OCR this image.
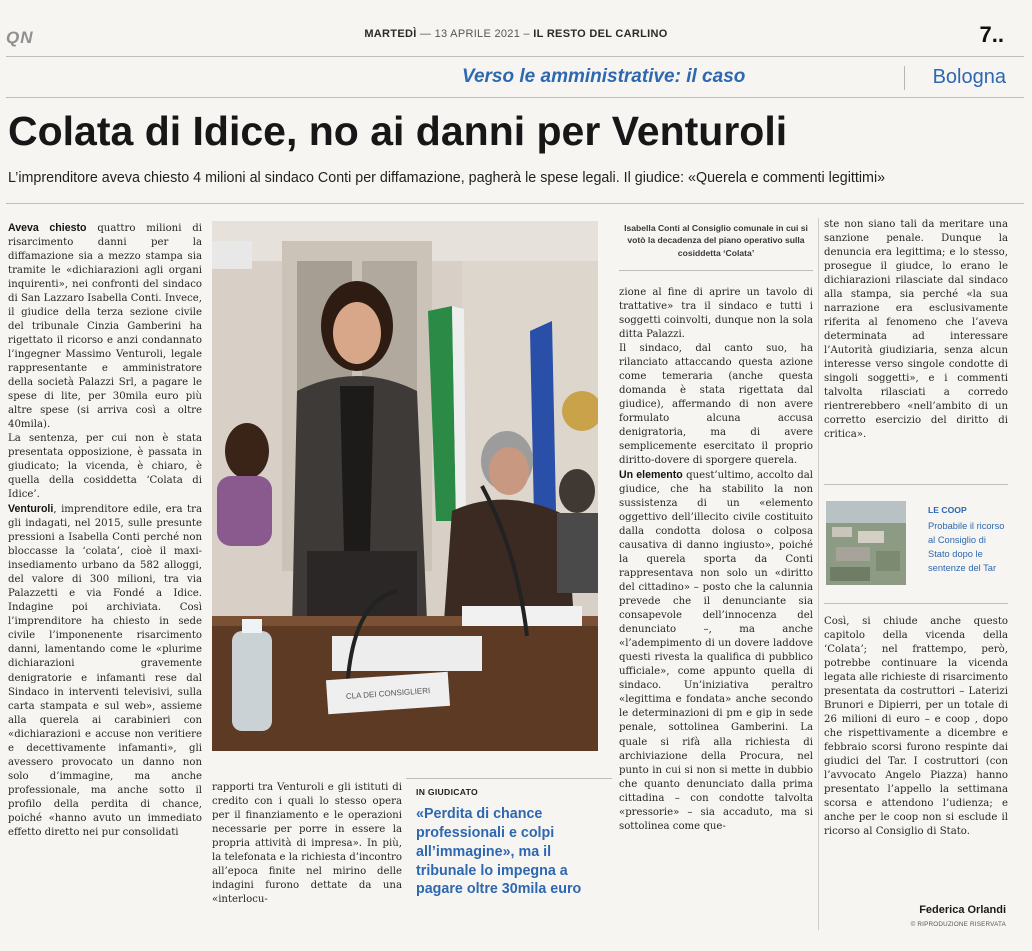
QN	MARTEDÌ — 13 APRILE 2021 – IL RESTO DEL CARLINO	7..
Verso le amministrative: il caso	Bologna
Colata di Idice, no ai danni per Venturoli
L’imprenditore aveva chiesto 4 milioni al sindaco Conti per diffamazione, pagherà le spese legali. Il giudice: «Querela e commenti legittimi»

Aveva chiesto quattro milioni di risarcimento danni per la diffamazione sia a mezzo stampa sia tramite le «dichiarazioni agli organi inquirenti», nei confronti del sindaco di San Lazzaro Isabella Conti. Invece, il giudice della terza sezione civile del tribunale Cinzia Gamberini ha rigettato il ricorso e anzi condannato l’ingegner Massimo Venturoli, legale rappresentante e amministratore della società Palazzi Srl, a pagare le spese di lite, per 30mila euro più altre spese (si arriva così a oltre 40mila).

La sentenza, per cui non è stata presentata opposizione, è passata in giudicato; la vicenda, è chiaro, è quella della cosiddetta ‘Colata di Idice’.

Venturoli, imprenditore edile, era tra gli indagati, nel 2015, sulle presunte pressioni a Isabella Conti perché non bloccasse la ‘colata’, cioè il maxi-insediamento urbano da 582 alloggi, del valore di 300 milioni, tra via Palazzetti e via Fondé a Idice. Indagine poi archiviata. Così l’imprenditore ha chiesto in sede civile l’imponenente risarcimento danni, lamentando come le «plurime dichiarazioni gravemente denigratorie e infamanti rese dal Sindaco in interventi televisivi, sulla carta stampata e sul web», assieme alla querela ai carabinieri con «dichiarazioni e accuse non veritiere e decettivamente infamanti», gli avessero provocato un danno non solo d’immagine, ma anche professionale, ma anche sotto il profilo della perdita di chance, poiché «hanno avuto un immediato effetto diretto nei pur consolidati

CLA DEI CONSIGLIERI

rapporti tra Venturoli e gli istituti di credito con i quali lo stesso opera per il finanziamento e le operazioni necessarie per porre in essere la propria attività di impresa». In più, la telefonata e la richiesta d’incontro all’epoca finite nel mirino delle indagini furono dettate da una «interlocu-

IN GIUDICATO
«Perdita di chance professionali e colpi all’immagine», ma il tribunale lo impegna a pagare oltre 30mila euro
Isabella Conti al Consiglio comunale in cui si votò la decadenza del piano operativo sulla cosiddetta ‘Colata’

zione al fine di aprire un tavolo di trattative» tra il sindaco e tutti i soggetti coinvolti, dunque non la sola ditta Palazzi.

Il sindaco, dal canto suo, ha rilanciato attaccando questa azione come temeraria (anche questa domanda è stata rigettata dal giudice), affermando di non avere formulato alcuna accusa denigratoria, ma di avere semplicemente esercitato il proprio diritto-dovere di sporgere querela.

Un elemento quest’ultimo, accolto dal giudice, che ha stabilito la non sussistenza di un «elemento oggettivo dell’illecito civile costituito dalla condotta dolosa o colposa causativa di danno ingiusto», poiché la querela sporta da Conti rappresentava non solo un «diritto del cittadino» – posto che la calunnia prevede che il denunciante sia consapevole dell’innocenza del denunciato –, ma anche «l’adempimento di un dovere laddove questi rivesta la qualifica di pubblico ufficiale», come appunto quella di sindaco. Un’iniziativa peraltro «legittima e fondata» anche secondo le determinazioni di pm e gip in sede penale, sottolinea Gamberini. La quale si rifà alla richiesta di archiviazione della Procura, nel punto in cui si non si mette in dubbio che quanto denunciato dalla prima cittadina – con condotte talvolta «pressorie» – sia accaduto, ma si sottolinea come que-

ste non siano tali da meritare una sanzione penale. Dunque la denuncia era legittima; e lo stesso, prosegue il giudce, lo erano le dichiarazioni rilasciate dal sindaco alla stampa, sia perché «la sua narrazione era esclusivamente riferita al fenomeno che l’aveva determinata ad interessare l’Autorità giudiziaria, senza alcun interesse verso singole condotte di singoli soggetti», e i commenti talvolta rilasciati a corredo rientrerebbero «nell’ambito di un corretto esercizio del diritto di critica».

LE COOP
Probabile il ricorso al Consiglio di Stato dopo le sentenze del Tar

Così, si chiude anche questo capitolo della vicenda della ‘Colata’; nel frattempo, però, potrebbe continuare la vicenda legata alle richieste di risarcimento presentata da costruttori – Laterizi Brunori e Dipierri, per un totale di 26 milioni di euro – e coop , dopo che rispettivamente a dicembre e febbraio scorsi furono respinte dai giudici del Tar. I costruttori (con l’avvocato Angelo Piazza) hanno presentato l’appello la settimana scorsa e attendono l’udienza; e anche per le coop non si esclude il ricorso al Consiglio di Stato.

Federica Orlandi
© RIPRODUZIONE RISERVATA
